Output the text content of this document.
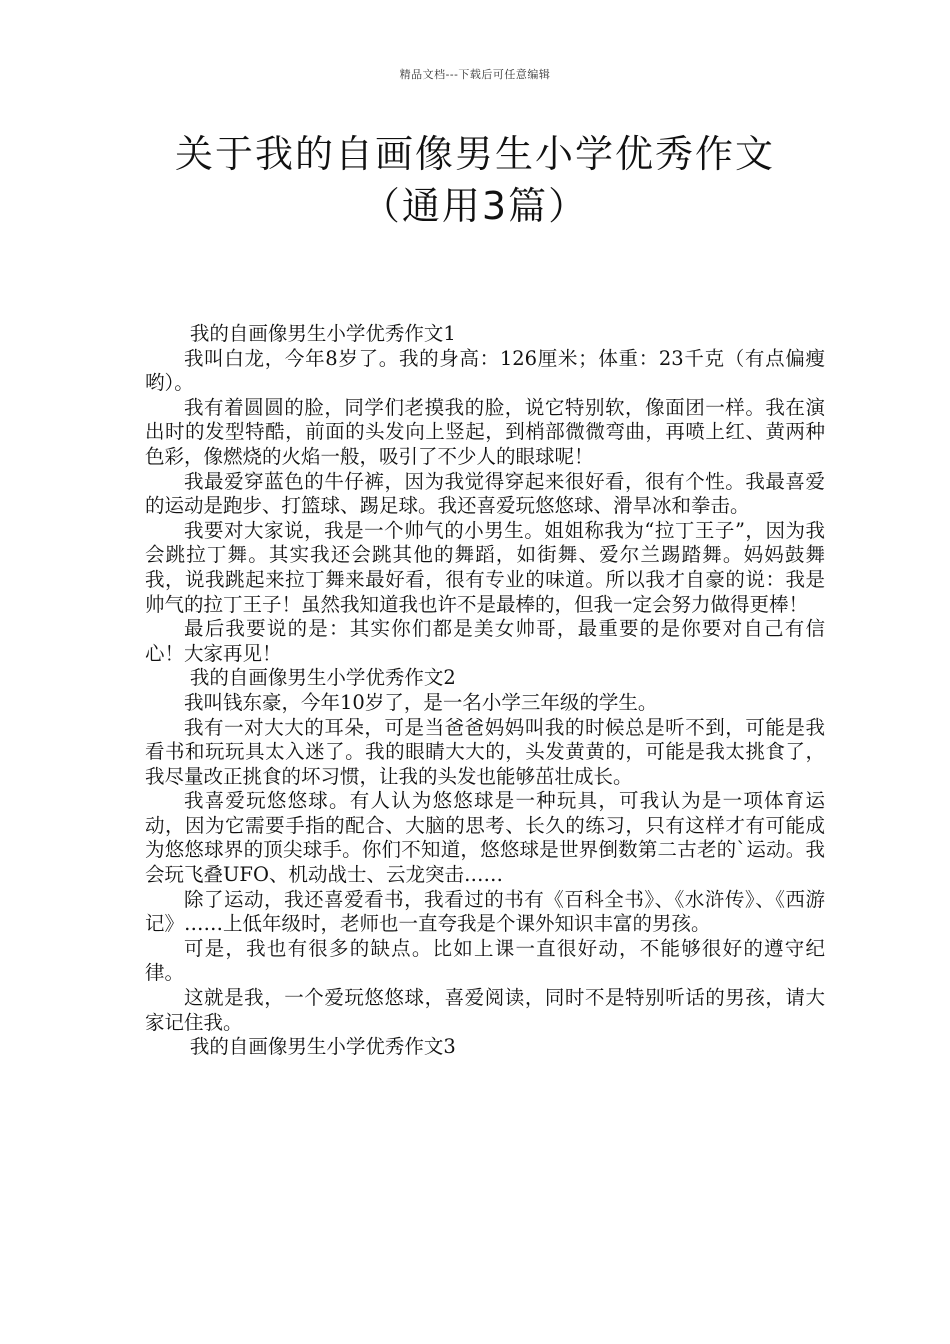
精品文档---下载后可任意编辑
关于我的自画像男生小学优秀作文（通用3篇）

我的自画像男生小学优秀作文1

我叫白龙，今年8岁了。我的身高：126厘米；体重：23千克（有点偏瘦哟）。

我有着圆圆的脸，同学们老摸我的脸，说它特别软，像面团一样。我在演出时的发型特酷，前面的头发向上竖起，到梢部微微弯曲，再喷上红、黄两种色彩，像燃烧的火焰一般，吸引了不少人的眼球呢！

我最爱穿蓝色的牛仔裤，因为我觉得穿起来很好看，很有个性。我最喜爱的运动是跑步、打篮球、踢足球。我还喜爱玩悠悠球、滑旱冰和拳击。

我要对大家说，我是一个帅气的小男生。姐姐称我为“拉丁王子”，因为我会跳拉丁舞。其实我还会跳其他的舞蹈，如街舞、爱尔兰踢踏舞。妈妈鼓舞我，说我跳起来拉丁舞来最好看，很有专业的味道。所以我才自豪的说：我是帅气的拉丁王子！虽然我知道我也许不是最棒的，但我一定会努力做得更棒！

最后我要说的是：其实你们都是美女帅哥，最重要的是你要对自己有信心！大家再见！

我的自画像男生小学优秀作文2

我叫钱东豪，今年10岁了，是一名小学三年级的学生。

我有一对大大的耳朵，可是当爸爸妈妈叫我的时候总是听不到，可能是我看书和玩玩具太入迷了。我的眼睛大大的，头发黄黄的，可能是我太挑食了，我尽量改正挑食的坏习惯，让我的头发也能够茁壮成长。

我喜爱玩悠悠球。有人认为悠悠球是一种玩具，可我认为是一项体育运动，因为它需要手指的配合、大脑的思考、长久的练习，只有这样才有可能成为悠悠球界的顶尖球手。你们不知道，悠悠球是世界倒数第二古老的`运动。我会玩飞叠UFO、机动战士、云龙突击……

除了运动，我还喜爱看书，我看过的书有《百科全书》、《水浒传》、《西游记》……上低年级时，老师也一直夸我是个课外知识丰富的男孩。

可是，我也有很多的缺点。比如上课一直很好动，不能够很好的遵守纪律。

这就是我，一个爱玩悠悠球，喜爱阅读，同时不是特别听话的男孩，请大家记住我。

我的自画像男生小学优秀作文3
